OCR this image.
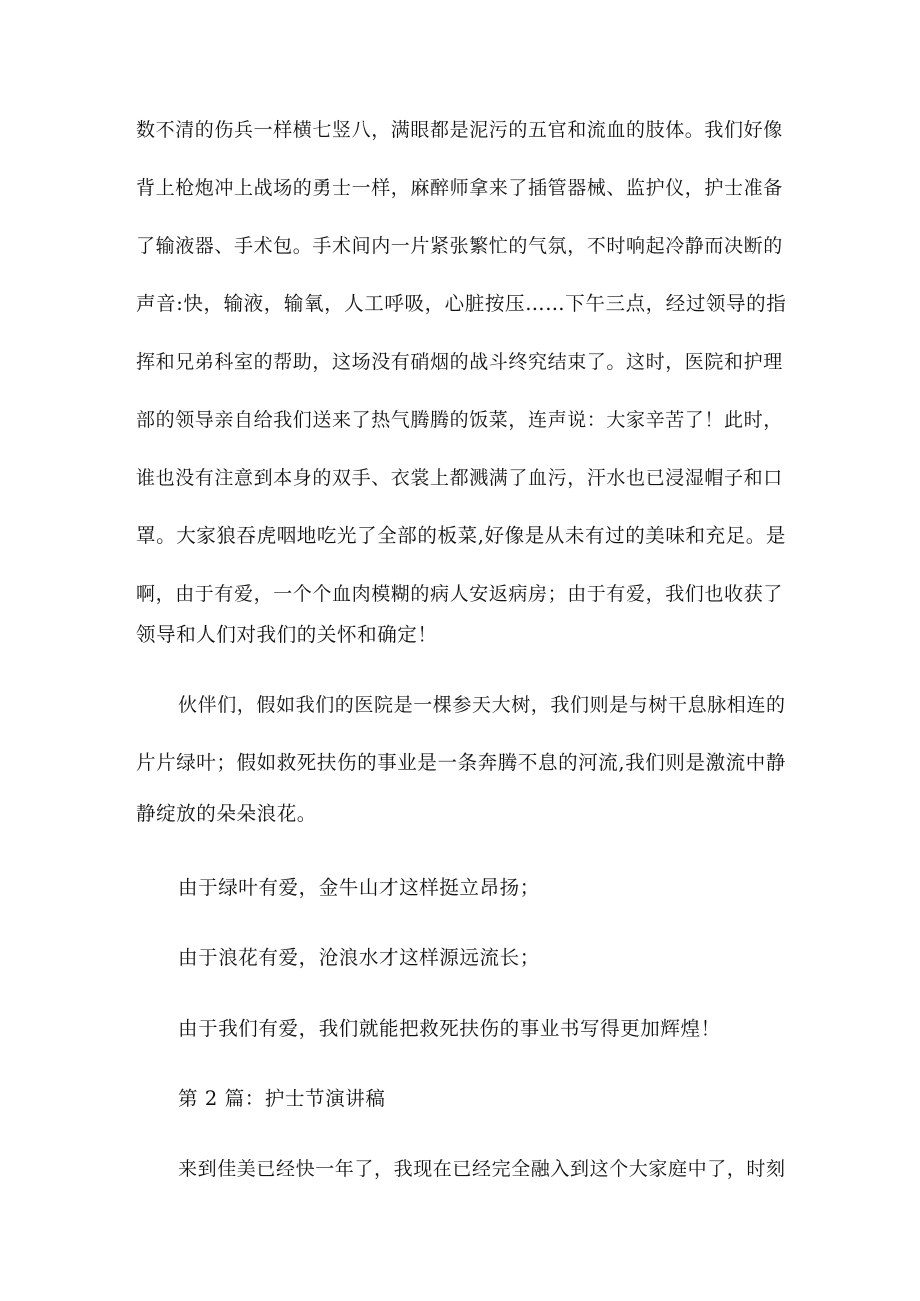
数不清的伤兵一样横七竖八，满眼都是泥污的五官和流血的肢体。我们好像
背上枪炮冲上战场的勇士一样，麻醉师拿来了插管器械、监护仪，护士准备
了输液器、手术包。手术间内一片紧张繁忙的气氛，不时响起冷静而决断的
声音:快，输液，输氧，人工呼吸，心脏按压……下午三点，经过领导的指
挥和兄弟科室的帮助，这场没有硝烟的战斗终究结束了。这时，医院和护理
部的领导亲自给我们送来了热气腾腾的饭菜，连声说：大家辛苦了！此时，
谁也没有注意到本身的双手、衣裳上都溅满了血污，汗水也已浸湿帽子和口
罩。大家狼吞虎咽地吃光了全部的板菜,好像是从未有过的美味和充足。是
啊，由于有爱，一个个血肉模糊的病人安返病房；由于有爱，我们也收获了
领导和人们对我们的关怀和确定！
伙伴们，假如我们的医院是一棵参天大树，我们则是与树干息脉相连的
片片绿叶；假如救死扶伤的事业是一条奔腾不息的河流,我们则是激流中静
静绽放的朵朵浪花。
由于绿叶有爱，金牛山才这样挺立昂扬；
由于浪花有爱，沧浪水才这样源远流长；
由于我们有爱，我们就能把救死扶伤的事业书写得更加辉煌！
第 2 篇：护士节演讲稿
来到佳美已经快一年了，我现在已经完全融入到这个大家庭中了，时刻
